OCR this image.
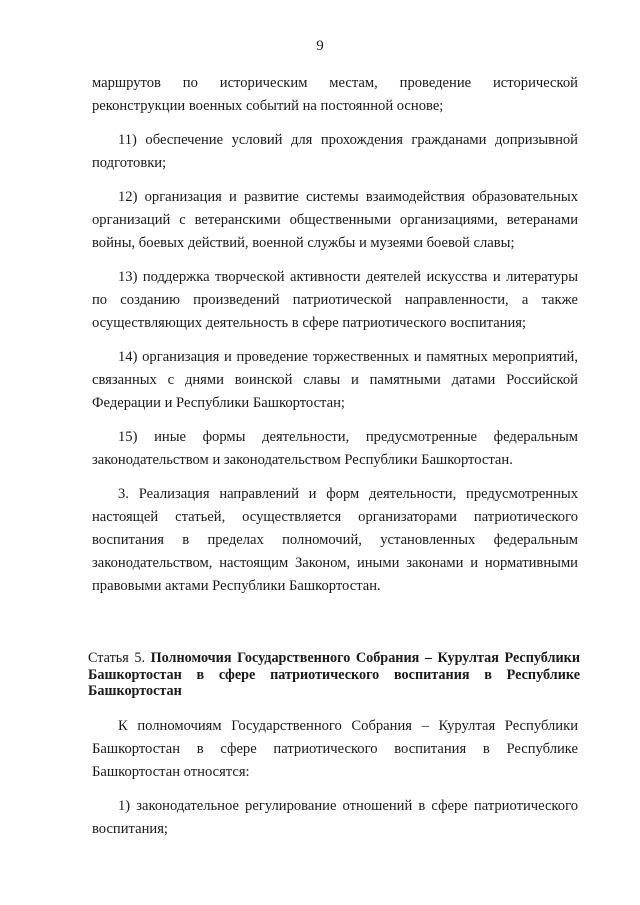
9

маршрутов по историческим местам, проведение исторической реконструкции военных событий на постоянной основе;

11) обеспечение условий для прохождения гражданами допризывной подготовки;

12) организация и развитие системы взаимодействия образовательных организаций с ветеранскими общественными организациями, ветеранами войны, боевых действий, военной службы и музеями боевой славы;

13) поддержка творческой активности деятелей искусства и литературы по созданию произведений патриотической направленности, а также осуществляющих деятельность в сфере патриотического воспитания;

14) организация и проведение торжественных и памятных мероприятий, связанных с днями воинской славы и памятными датами Российской Федерации и Республики Башкортостан;

15) иные формы деятельности, предусмотренные федеральным законодательством и законодательством Республики Башкортостан.

3. Реализация направлений и форм деятельности, предусмотренных настоящей статьей, осуществляется организаторами патриотического воспитания в пределах полномочий, установленных федеральным законодательством, настоящим Законом, иными законами и нормативными правовыми актами Республики Башкортостан.

Статья 5. Полномочия Государственного Собрания – Курултая Республики Башкортостан в сфере патриотического воспитания в Республике Башкортостан

К полномочиям Государственного Собрания – Курултая Республики Башкортостан в сфере патриотического воспитания в Республике Башкортостан относятся:

1) законодательное регулирование отношений в сфере патриотического воспитания;
